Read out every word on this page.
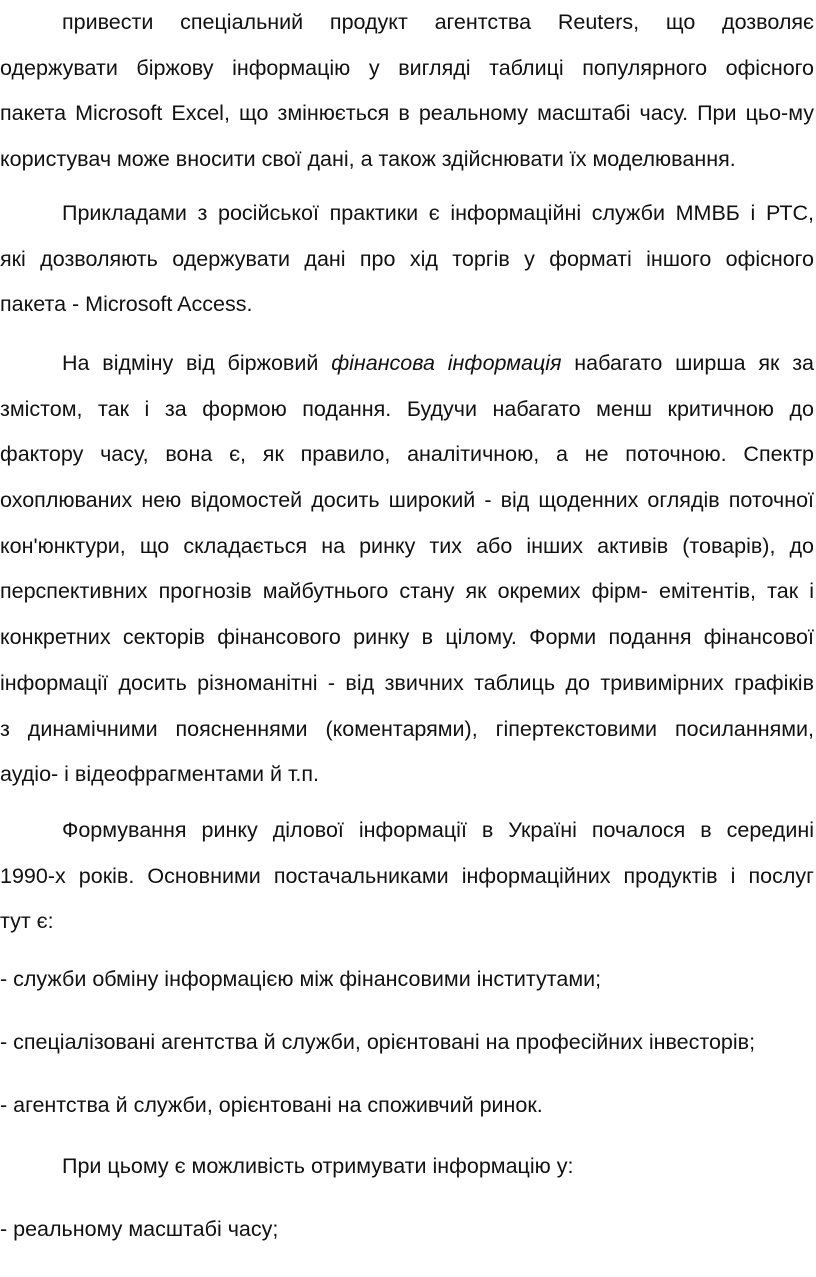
привести спеціальний продукт агентства Reuters, що дозволяє
одержувати біржову інформацію у вигляді таблиці популярного офісного
пакета Microsoft Excel, що змінюється в реальному масштабі часу. При цьо-му
користувач може вносити свої дані, а також здійснювати їх моделювання.
Прикладами з російської практики є інформаційні служби ММВБ і РТС,
які дозволяють одержувати дані про хід торгів у форматі іншого офісного
пакета - Microsoft Access.
На відміну від біржовий фінансова інформація набагато ширша як за
змістом, так і за формою подання. Будучи набагато менш критичною до
фактору часу, вона є, як правило, аналітичною, а не поточною. Спектр
охоплюваних нею відомостей досить широкий - від щоденних оглядів поточної
кон'юнктури, що складається на ринку тих або інших активів (товарів), до
перспективних прогнозів майбутнього стану як окремих фірм- емітентів, так і
конкретних секторів фінансового ринку в цілому. Форми подання фінансової
інформації досить різноманітні - від звичних таблиць до тривимірних графіків
з динамічними поясненнями (коментарями), гіпертекстовими посиланнями,
аудіо- і відеофрагментами й т.п.
Формування ринку ділової інформації в Україні почалося в середині
1990-х років. Основними постачальниками інформаційних продуктів і послуг
тут є:
- служби обміну інформацією між фінансовими інститутами;
- спеціалізовані агентства й служби, орієнтовані на професійних інвесторів;
- агентства й служби, орієнтовані на споживчий ринок.
При цьому є можливість отримувати інформацію у:
- реальному масштабі часу;
